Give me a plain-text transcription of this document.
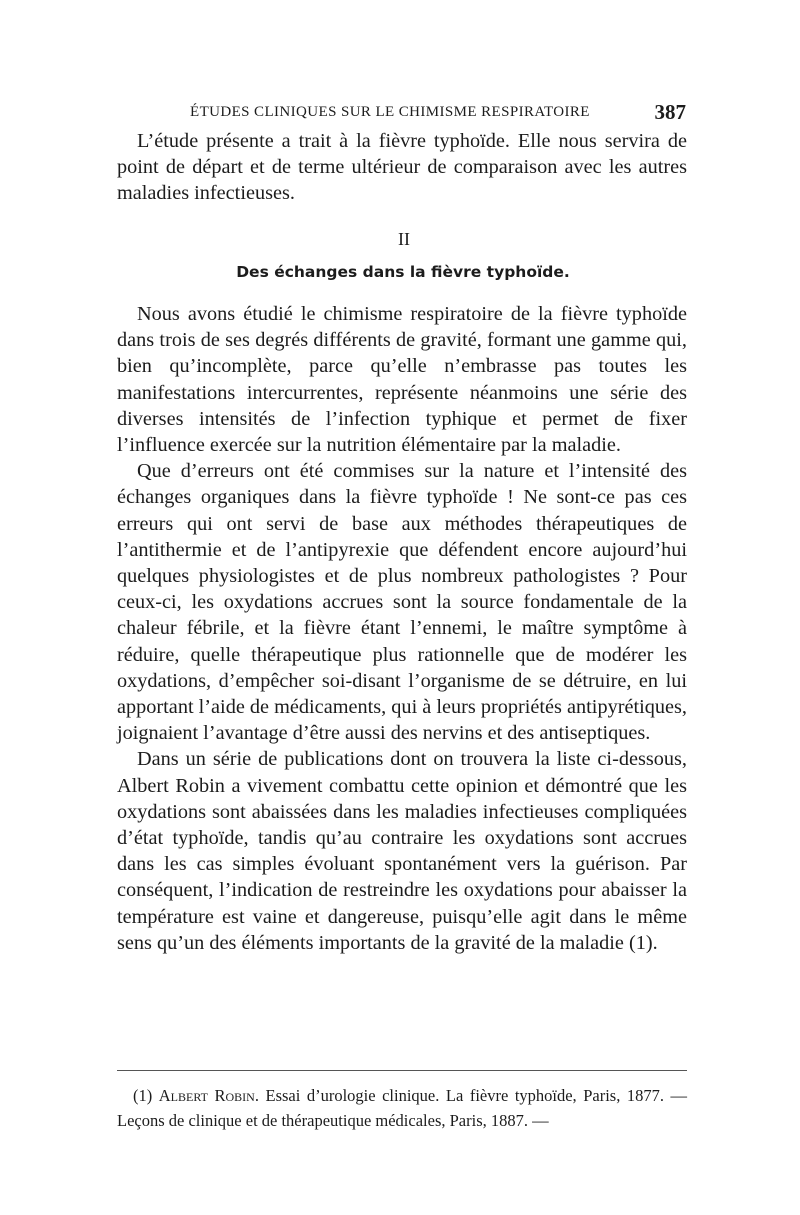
ÉTUDES CLINIQUES SUR LE CHIMISME RESPIRATOIRE	387

L’étude présente a trait à la fièvre typhoïde. Elle nous servira de point de départ et de terme ultérieur de comparaison avec les autres maladies infectieuses.

II
Des échanges dans la fièvre typhoïde.

Nous avons étudié le chimisme respiratoire de la fièvre typhoïde dans trois de ses degrés différents de gravité, formant une gamme qui, bien qu’incomplète, parce qu’elle n’embrasse pas toutes les manifestations intercurrentes, représente néanmoins une série des diverses intensités de l’infection typhique et permet de fixer l’influence exercée sur la nutrition élémentaire par la maladie.

Que d’erreurs ont été commises sur la nature et l’intensité des échanges organiques dans la fièvre typhoïde ! Ne sont-ce pas ces erreurs qui ont servi de base aux méthodes thérapeutiques de l’antithermie et de l’antipyrexie que défendent encore aujourd’hui quelques physiologistes et de plus nombreux pathologistes ? Pour ceux-ci, les oxydations accrues sont la source fondamentale de la chaleur fébrile, et la fièvre étant l’ennemi, le maître symptôme à réduire, quelle thérapeutique plus rationnelle que de modérer les oxydations, d’empêcher soi-disant l’organisme de se détruire, en lui apportant l’aide de médicaments, qui à leurs propriétés antipyrétiques, joignaient l’avantage d’être aussi des nervins et des antiseptiques.

Dans un série de publications dont on trouvera la liste ci-dessous, Albert Robin a vivement combattu cette opinion et démontré que les oxydations sont abaissées dans les maladies infectieuses compliquées d’état typhoïde, tandis qu’au contraire les oxydations sont accrues dans les cas simples évoluant spontanément vers la guérison. Par conséquent, l’indication de restreindre les oxydations pour abaisser la température est vaine et dangereuse, puisqu’elle agit dans le même sens qu’un des éléments importants de la gravité de la maladie (1).

(1) Albert Robin. Essai d’urologie clinique. La fièvre typhoïde, Paris, 1877. — Leçons de clinique et de thérapeutique médicales, Paris, 1887. —
